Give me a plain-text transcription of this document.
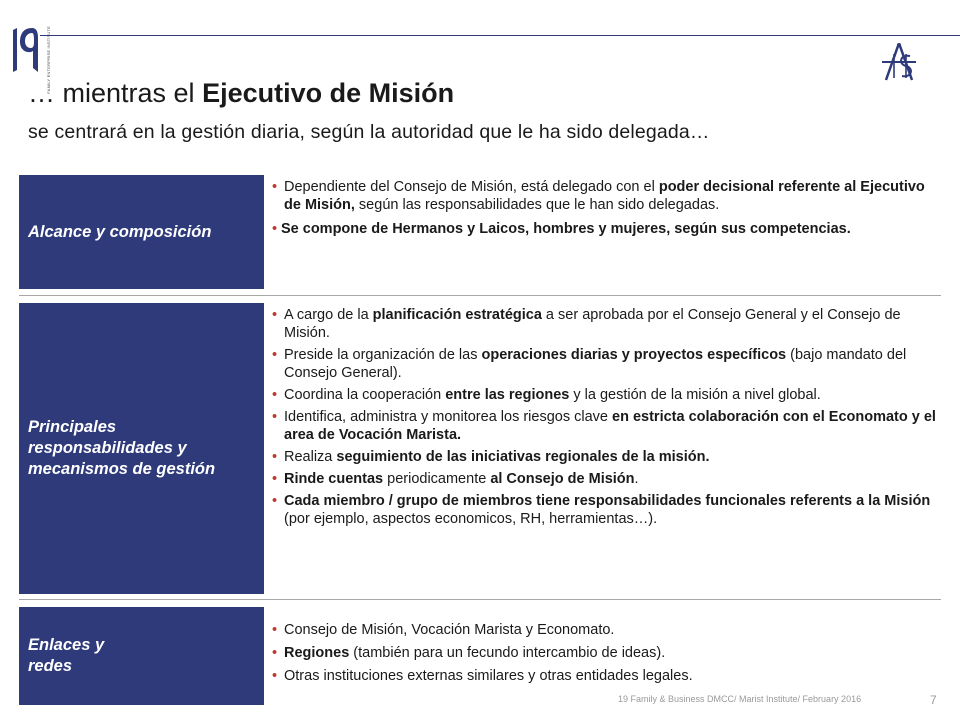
FAMILY ENTERPRISE INSTITUTE
… mientras el Ejecutivo de Misión
se centrará en la gestión diaria, según la autoridad que le ha sido delegada…
Alcance y composición
• Dependiente del Consejo de Misión, está delegado con el poder decisional referente al Ejecutivo de Misión, según las responsabilidades que le han sido delegadas.
• Se compone de Hermanos y Laicos, hombres y mujeres, según sus competencias.
Principales responsabilidades y mecanismos de gestión
• A cargo de la planificación estratégica a ser aprobada por el Consejo General y el Consejo de Misión.
• Preside la organización de las operaciones diarias y proyectos específicos (bajo mandato del Consejo General).
• Coordina la cooperación entre las regiones y la gestión de la misión a nivel global.
• Identifica, administra y monitorea los riesgos clave en estricta colaboración con el Economato y el area de Vocación Marista.
• Realiza seguimiento de las iniciativas regionales de la misión.
• Rinde cuentas periodicamente al Consejo de Misión.
• Cada miembro / grupo de miembros tiene responsabilidades funcionales referents a la Misión (por ejemplo, aspectos economicos, RH, herramientas…).
Enlaces y redes
• Consejo de Misión, Vocación Marista y Economato.
• Regiones (también para un fecundo intercambio de ideas).
• Otras instituciones externas similares y otras entidades legales.
19 Family & Business DMCC/ Marist Institute/ February 2016	7
